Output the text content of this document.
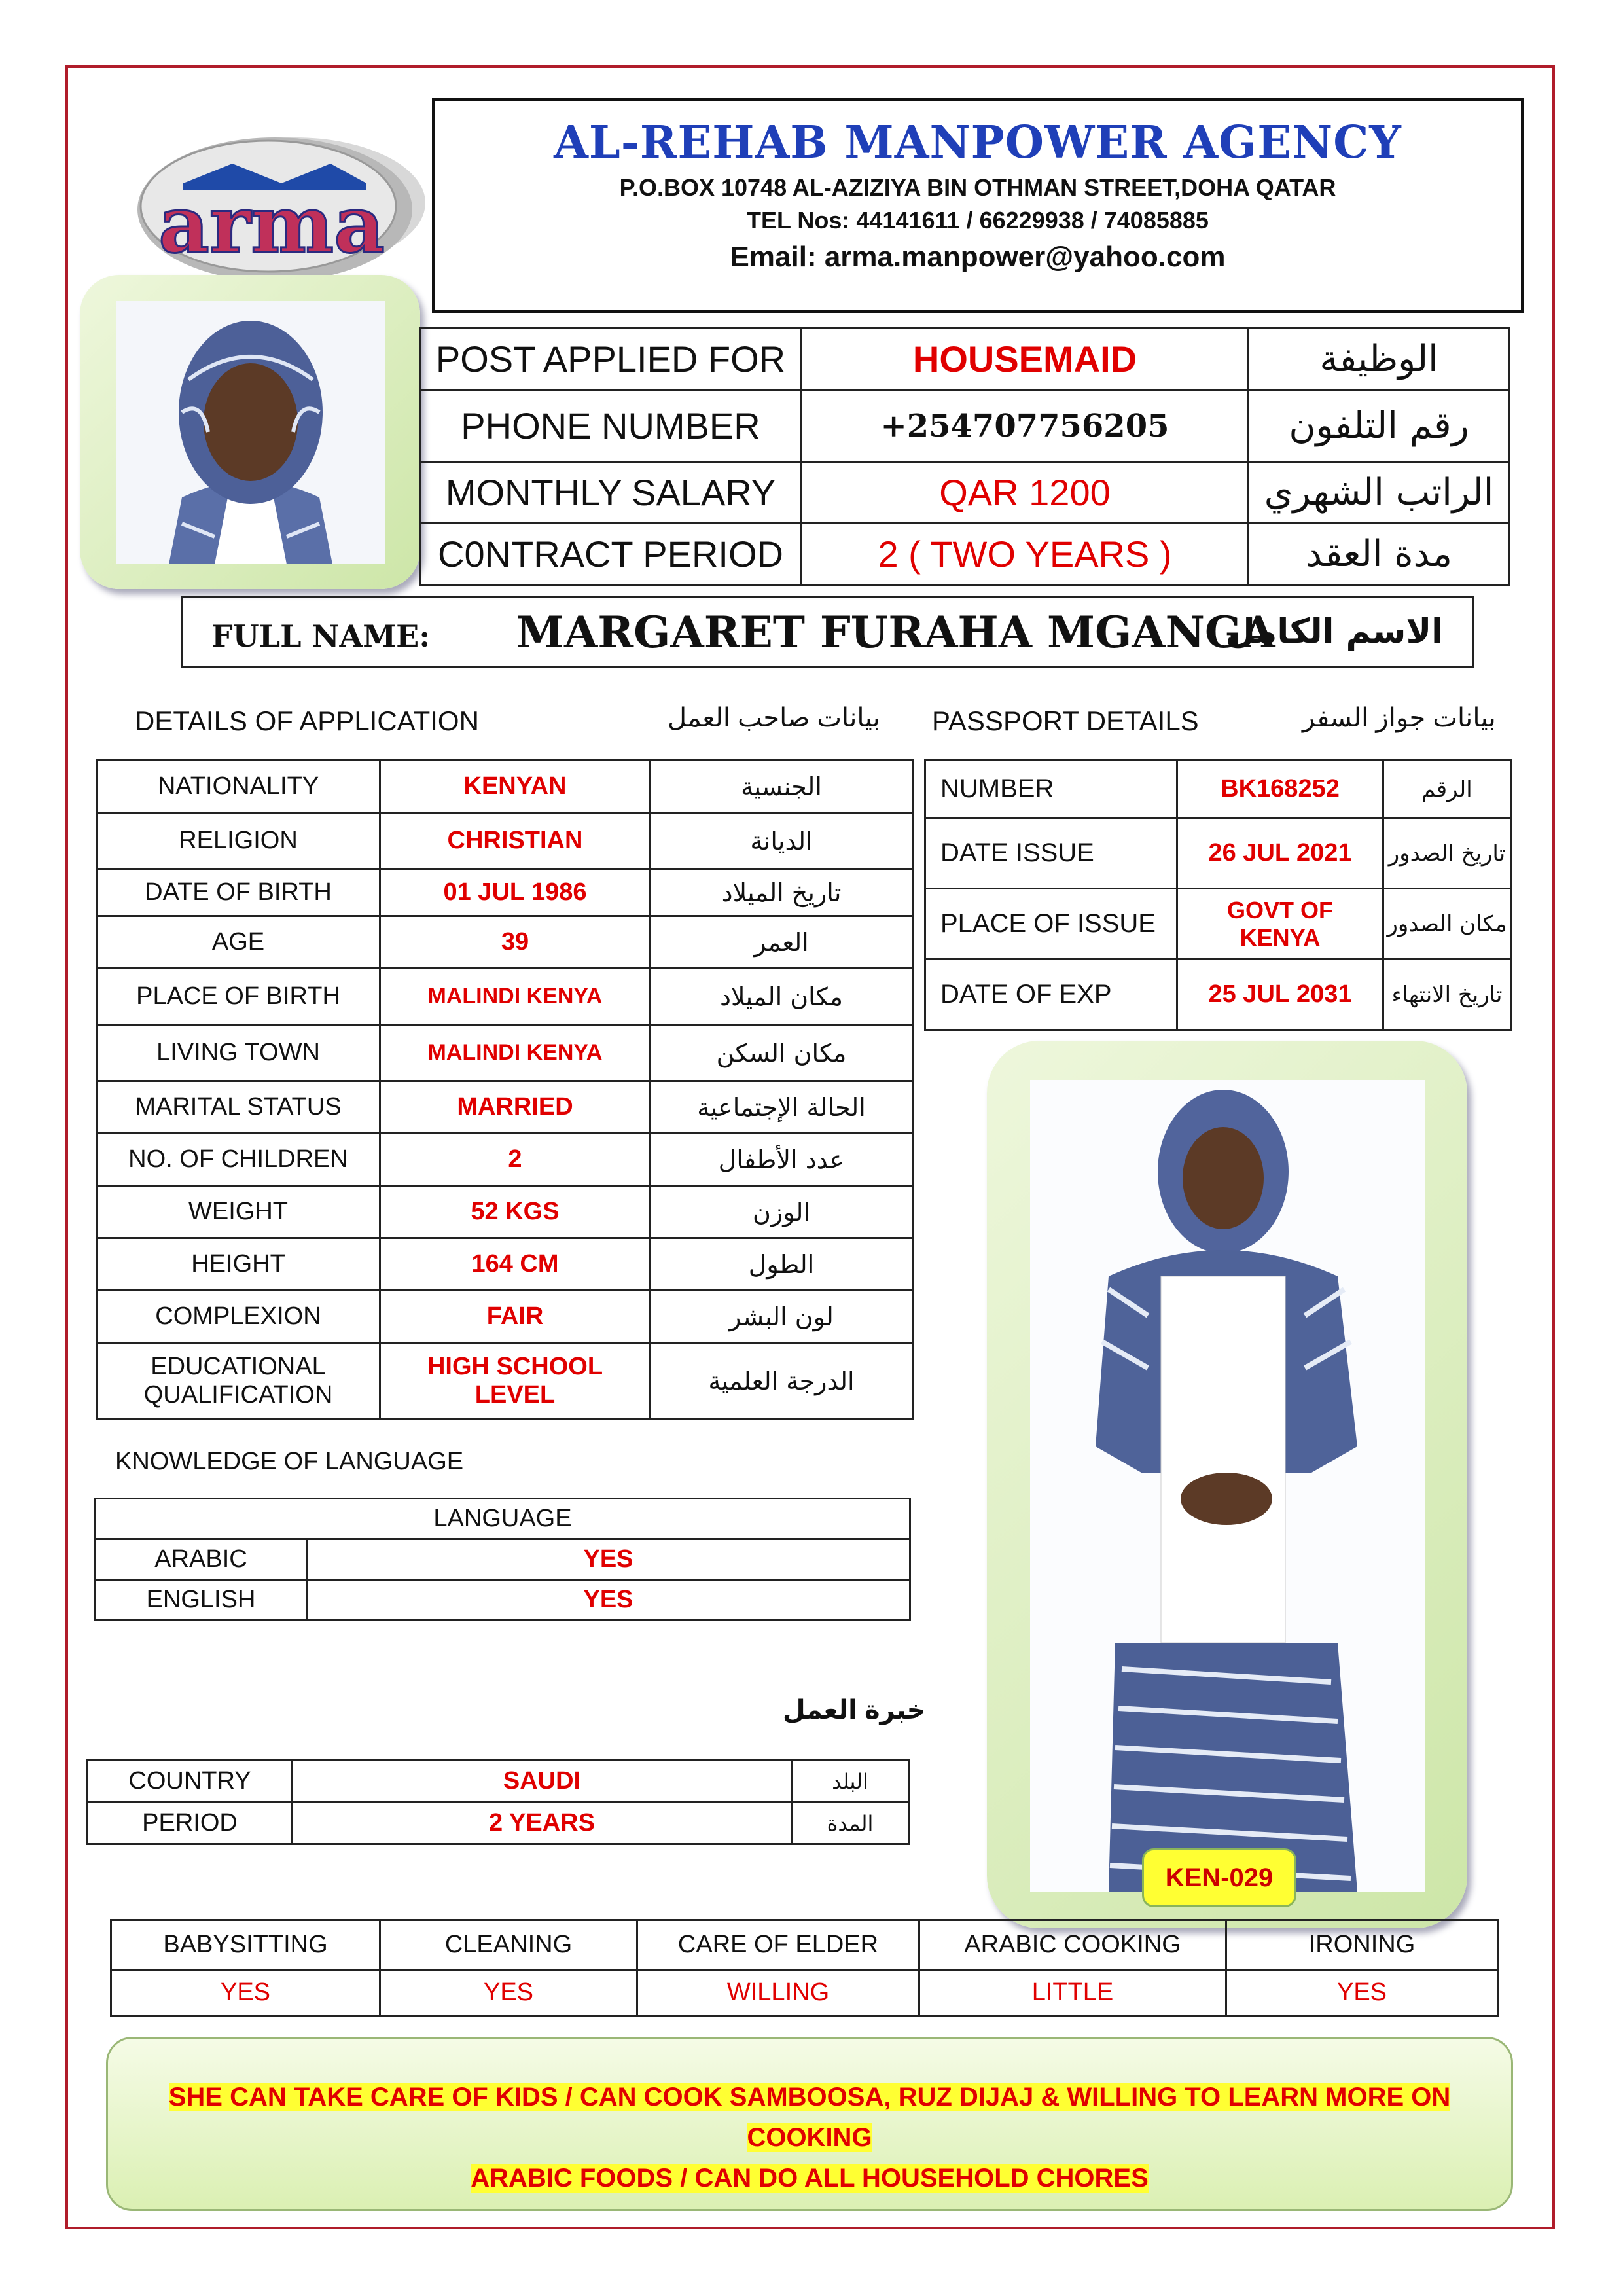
arma
AL-REHAB MANPOWER AGENCY
P.O.BOX 10748 AL-AZIZIYA BIN OTHMAN STREET,DOHA QATAR
TEL Nos: 44141611 / 66229938 / 74085885
Email: arma.manpower@yahoo.com
POST APPLIED FOR	HOUSEMAID	الوظيفة
PHONE NUMBER	+254707756205	رقم التلفون
MONTHLY SALARY	QAR 1200	الراتب الشهري
C0NTRACT PERIOD	2 ( TWO YEARS )	مدة العقد
FULL NAME: MARGARET FURAHA MGANGA
الاسم الكامل
DETAILS OF APPLICATION	بيانات صاحب العمل PASSPORT DETAILS	بيانات جواز السفر
NATIONALITY	KENYAN	الجنسية
RELIGION	CHRISTIAN	الديانة
DATE OF BIRTH	01 JUL 1986	تاريخ الميلاد
AGE	39	العمر
PLACE OF BIRTH	MALINDI KENYA	مكان الميلاد
LIVING TOWN	MALINDI KENYA	مكان السكن
MARITAL STATUS	MARRIED	الحالة الإجتماعية
NO. OF CHILDREN	2	عدد الأطفال
WEIGHT	52 KGS	الوزن
HEIGHT	164 CM	الطول
COMPLEXION	FAIR	لون البشر
EDUCATIONAL QUALIFICATION	HIGH SCHOOL LEVEL	الدرجة العلمية
NUMBER	BK168252	الرقم
DATE ISSUE	26 JUL 2021	تاريخ الصدور
PLACE OF ISSUE	GOVT OF KENYA	مكان الصدور
DATE OF EXP	25 JUL 2031	تاريخ الانتهاء
KEN-029
KNOWLEDGE OF LANGUAGE
LANGUAGE	
ARABIC	YES
ENGLISH	YES
خبرة العمل
COUNTRY	SAUDI	البلد
PERIOD	2 YEARS	المدة
BABYSITTING	CLEANING	CARE OF ELDER	ARABIC COOKING	IRONING
YES	YES	WILLING	LITTLE	YES
SHE CAN TAKE CARE OF KIDS / CAN COOK SAMBOOSA, RUZ DIJAJ & WILLING TO LEARN MORE ON COOKING
ARABIC FOODS / CAN DO ALL HOUSEHOLD CHORES
